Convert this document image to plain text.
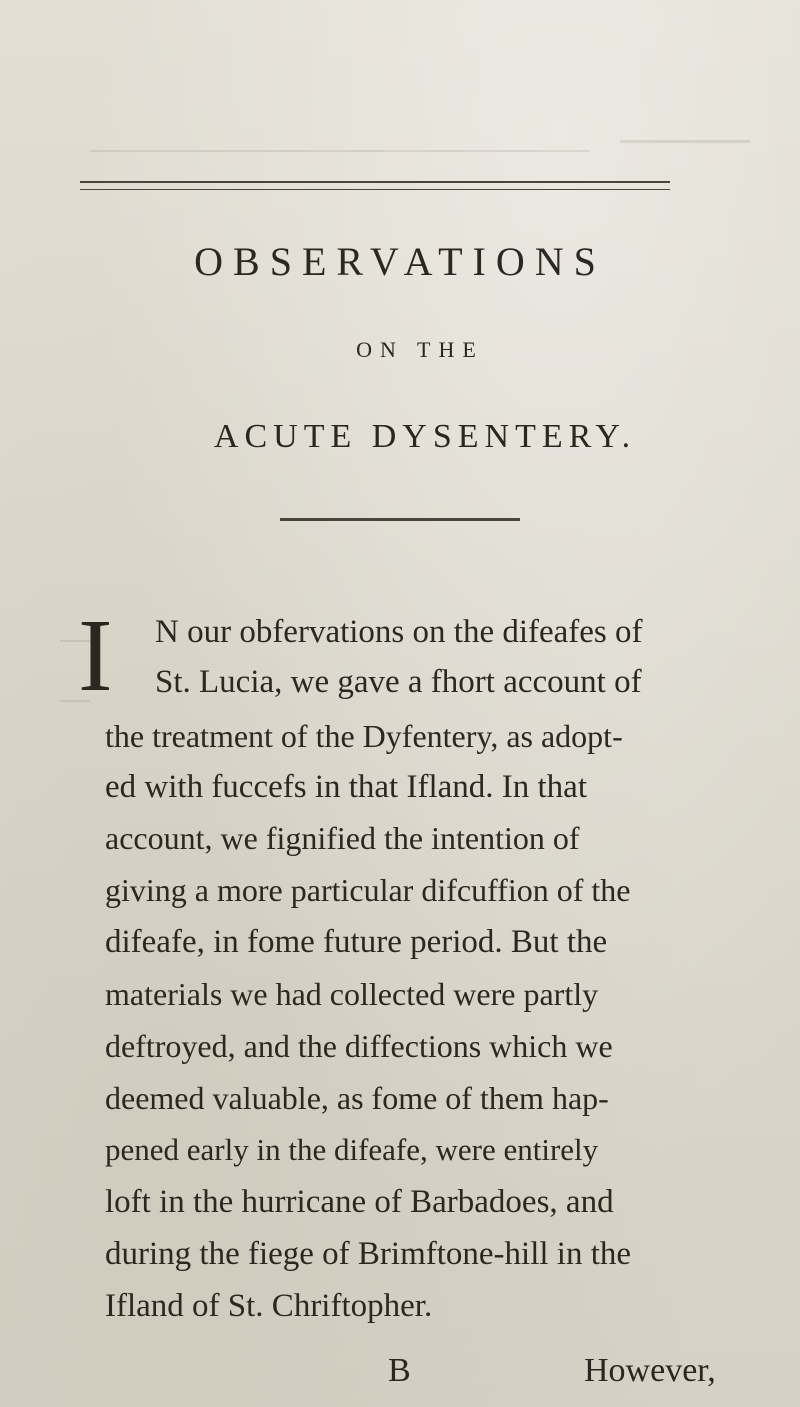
OBSERVATIONS
ON THE
ACUTE DYSENTERY.
I N our obfervations on the difeafes of
St. Lucia, we gave a fhort account of
the treatment of the Dyfentery, as adopt-
ed with fuccefs in that Ifland. In that
account, we fignified the intention of
giving a more particular difcuffion of the
difeafe, in fome future period. But the
materials we had collected were partly
deftroyed, and the diffections which we
deemed valuable, as fome of them hap-
pened early in the difeafe, were entirely
loft in the hurricane of Barbadoes, and
during the fiege of Brimftone-hill in the
Ifland of St. Chriftopher.
B	However,
